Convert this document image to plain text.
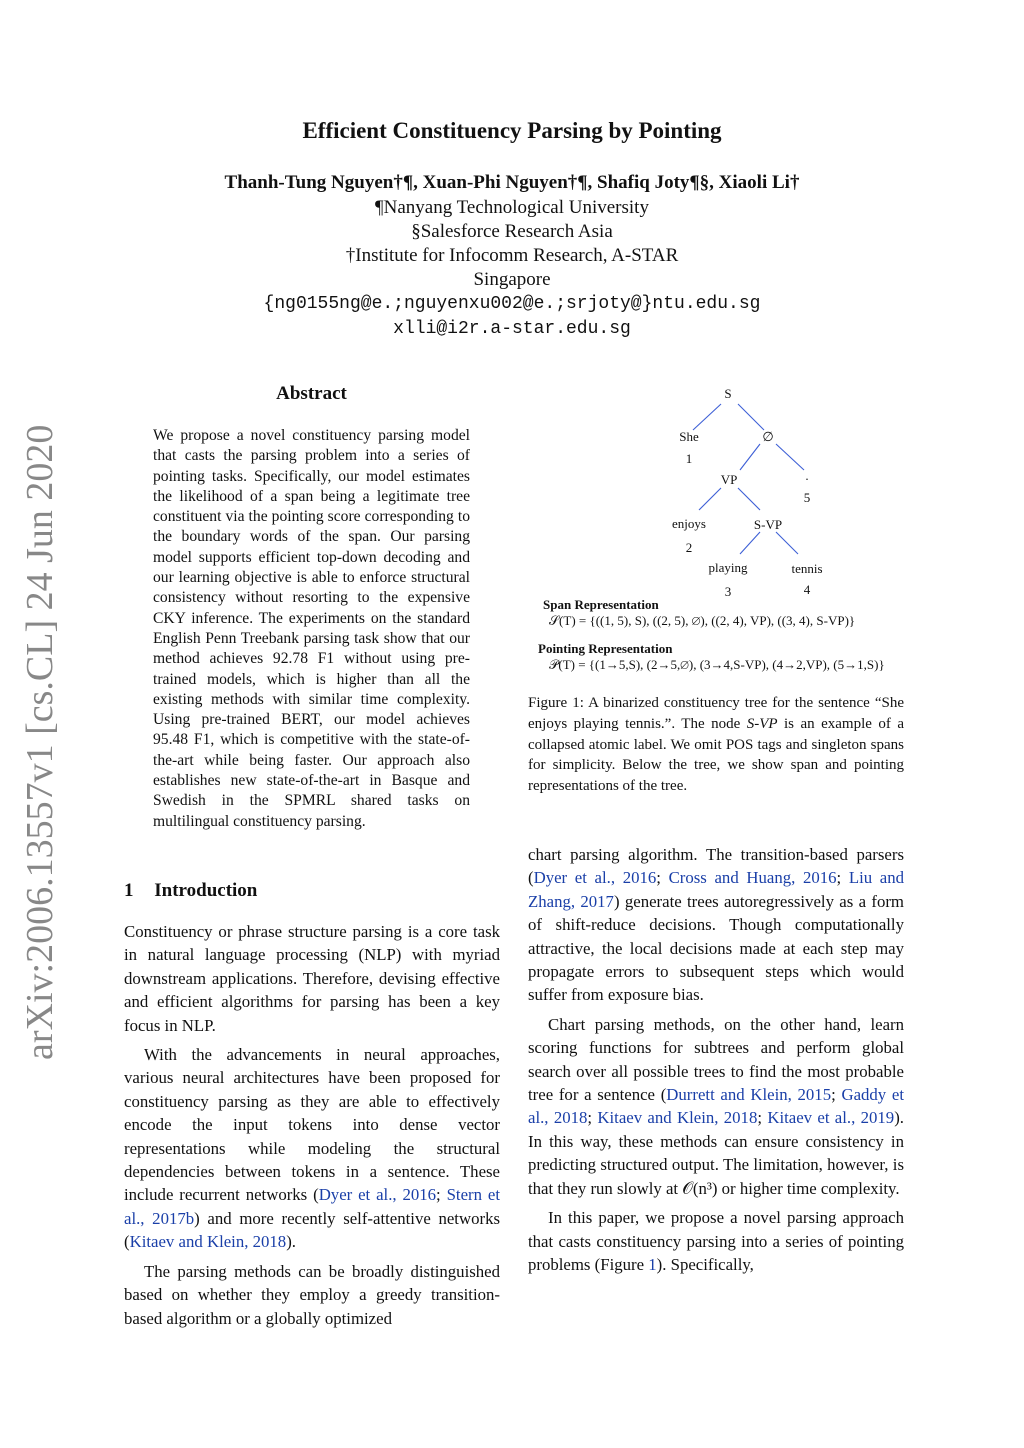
Efficient Constituency Parsing by Pointing
Thanh-Tung Nguyen†¶, Xuan-Phi Nguyen†¶, Shafiq Joty¶§, Xiaoli Li†
¶Nanyang Technological University
§Salesforce Research Asia
†Institute for Infocomm Research, A-STAR
Singapore
{ng0155ng@e.;nguyenxu002@e.;srjoty@}ntu.edu.sg
xlli@i2r.a-star.edu.sg
arXiv:2006.13557v1 [cs.CL] 24 Jun 2020
Abstract
We propose a novel constituency parsing model that casts the parsing problem into a series of pointing tasks. Specifically, our model estimates the likelihood of a span being a legitimate tree constituent via the pointing score corresponding to the boundary words of the span. Our parsing model supports efficient top-down decoding and our learning objective is able to enforce structural consistency without resorting to the expensive CKY inference. The experiments on the standard English Penn Treebank parsing task show that our method achieves 92.78 F1 without using pre-trained models, which is higher than all the existing methods with similar time complexity. Using pre-trained BERT, our model achieves 95.48 F1, which is competitive with the state-of-the-art while being faster. Our approach also establishes new state-of-the-art in Basque and Swedish in the SPMRL shared tasks on multilingual constituency parsing.
1 Introduction

Constituency or phrase structure parsing is a core task in natural language processing (NLP) with myriad downstream applications. Therefore, devising effective and efficient algorithms for parsing has been a key focus in NLP.

With the advancements in neural approaches, various neural architectures have been proposed for constituency parsing as they are able to effectively encode the input tokens into dense vector representations while modeling the structural dependencies between tokens in a sentence. These include recurrent networks (Dyer et al., 2016; Stern et al., 2017b) and more recently self-attentive networks (Kitaev and Klein, 2018).

The parsing methods can be broadly distinguished based on whether they employ a greedy transition-based algorithm or a globally optimized

S
She
1
∅
VP	.
5
enjoys
2
S-VP
playing
3
tennis
4
Span Representation
𝒮(T) = {((1, 5), S), ((2, 5), ∅), ((2, 4), VP), ((3, 4), S-VP)}
Pointing Representation
𝒫(T) = {(1→5,S), (2→5,∅), (3→4,S-VP), (4→2,VP), (5→1,S)}
Figure 1: A binarized constituency tree for the sentence “She enjoys playing tennis.”. The node S-VP is an example of a collapsed atomic label. We omit POS tags and singleton spans for simplicity. Below the tree, we show span and pointing representations of the tree.

chart parsing algorithm. The transition-based parsers (Dyer et al., 2016; Cross and Huang, 2016; Liu and Zhang, 2017) generate trees autoregressively as a form of shift-reduce decisions. Though computationally attractive, the local decisions made at each step may propagate errors to subsequent steps which would suffer from exposure bias.

Chart parsing methods, on the other hand, learn scoring functions for subtrees and perform global search over all possible trees to find the most probable tree for a sentence (Durrett and Klein, 2015; Gaddy et al., 2018; Kitaev and Klein, 2018; Kitaev et al., 2019). In this way, these methods can ensure consistency in predicting structured output. The limitation, however, is that they run slowly at 𝒪(n³) or higher time complexity.

In this paper, we propose a novel parsing approach that casts constituency parsing into a series of pointing problems (Figure 1). Specifically,
